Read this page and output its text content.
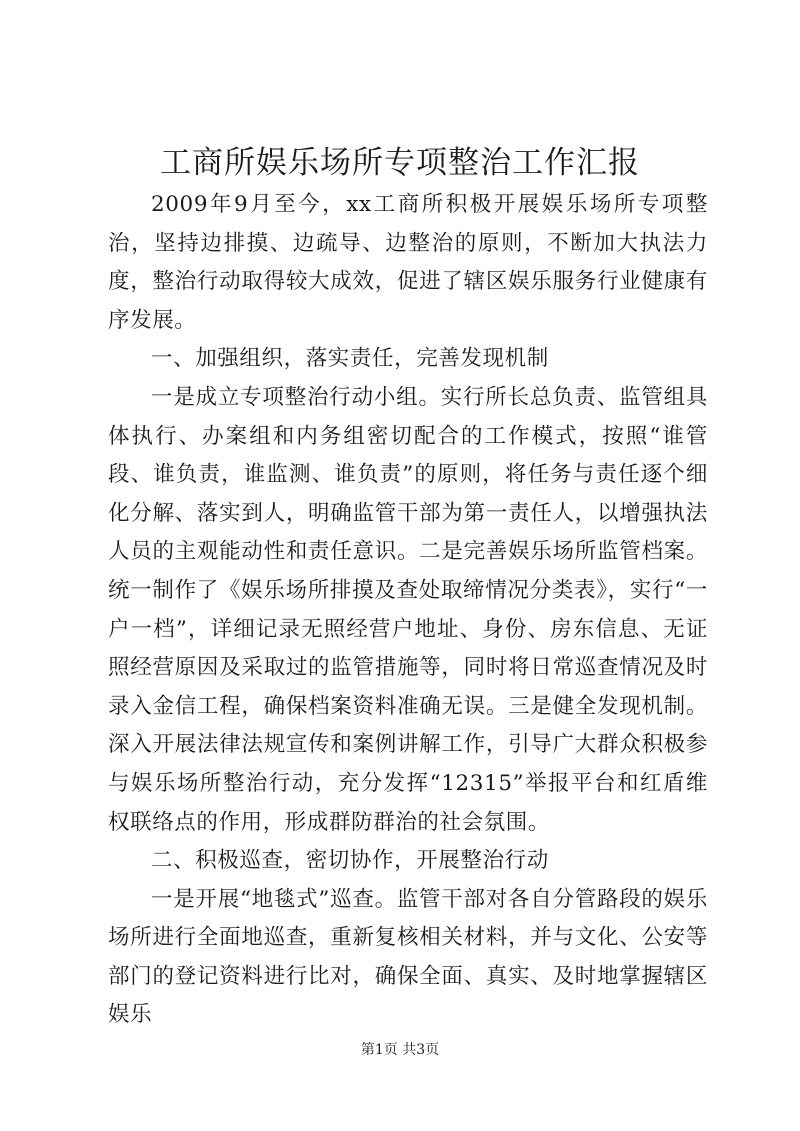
工商所娱乐场所专项整治工作汇报

2009年9月至今，xx工商所积极开展娱乐场所专项整治，坚持边排摸、边疏导、边整治的原则，不断加大执法力度，整治行动取得较大成效，促进了辖区娱乐服务行业健康有序发展。

一、加强组织，落实责任，完善发现机制

一是成立专项整治行动小组。实行所长总负责、监管组具体执行、办案组和内务组密切配合的工作模式，按照“谁管段、谁负责，谁监测、谁负责”的原则，将任务与责任逐个细化分解、落实到人，明确监管干部为第一责任人，以增强执法人员的主观能动性和责任意识。二是完善娱乐场所监管档案。统一制作了《娱乐场所排摸及查处取缔情况分类表》，实行“一户一档”，详细记录无照经营户地址、身份、房东信息、无证照经营原因及采取过的监管措施等，同时将日常巡查情况及时录入金信工程，确保档案资料准确无误。三是健全发现机制。深入开展法律法规宣传和案例讲解工作，引导广大群众积极参与娱乐场所整治行动，充分发挥“12315”举报平台和红盾维权联络点的作用，形成群防群治的社会氛围。

二、积极巡查，密切协作，开展整治行动

一是开展“地毯式”巡查。监管干部对各自分管路段的娱乐场所进行全面地巡查，重新复核相关材料，并与文化、公安等部门的登记资料进行比对，确保全面、真实、及时地掌握辖区娱乐

第1页 共3页
